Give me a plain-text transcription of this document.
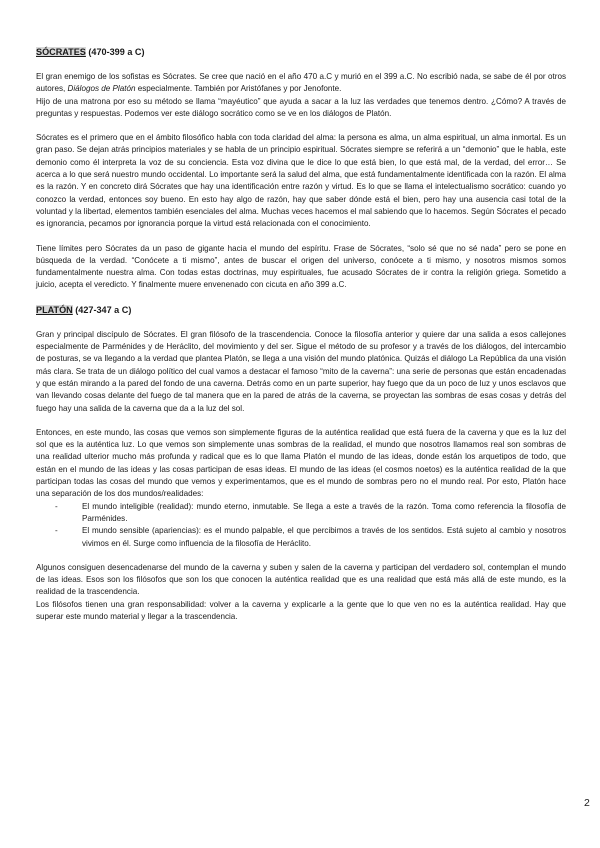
SÓCRATES (470-399 a C)

El gran enemigo de los sofistas es Sócrates. Se cree que nació en el año 470 a.C y murió en el 399 a.C. No escribió nada, se sabe de él por otros autores, Diálogos de Platón especialmente. También por Aristófanes y por Jenofonte.

Hijo de una matrona por eso su método se llama “mayéutico” que ayuda a sacar a la luz las verdades que tenemos dentro. ¿Cómo? A través de preguntas y respuestas. Podemos ver este diálogo socrático como se ve en los diálogos de Platón.

Sócrates es el primero que en el ámbito filosófico habla con toda claridad del alma: la persona es alma, un alma espiritual, un alma inmortal. Es un gran paso. Se dejan atrás principios materiales y se habla de un principio espiritual. Sócrates siempre se referirá a un “demonio” que le habla, este demonio como él interpreta la voz de su conciencia. Esta voz divina que le dice lo que está bien, lo que está mal, de la verdad, del error… Se acerca a lo que será nuestro mundo occidental. Lo importante será la salud del alma, que está fundamentalmente identificada con la razón. El alma es la razón. Y en concreto dirá Sócrates que hay una identificación entre razón y virtud. Es lo que se llama el intelectualismo socrático: cuando yo conozco la verdad, entonces soy bueno. En esto hay algo de razón, hay que saber dónde está el bien, pero hay una ausencia casi total de la voluntad y la libertad, elementos también esenciales del alma. Muchas veces hacemos el mal sabiendo que lo hacemos. Según Sócrates el pecado es ignorancia, pecamos por ignorancia porque la virtud está relacionada con el conocimiento.

Tiene límites pero Sócrates da un paso de gigante hacia el mundo del espíritu. Frase de Sócrates, “solo sé que no sé nada” pero se pone en búsqueda de la verdad. “Conócete a ti mismo”, antes de buscar el origen del universo, conócete a ti mismo, y nosotros mismos somos fundamentalmente nuestra alma. Con todas estas doctrinas, muy espirituales, fue acusado Sócrates de ir contra la religión griega. Sometido a juicio, acepta el veredicto. Y finalmente muere envenenado con cicuta en año 399 a.C.

PLATÓN (427-347 a C)

Gran y principal discípulo de Sócrates. El gran filósofo de la trascendencia. Conoce la filosofía anterior y quiere dar una salida a esos callejones especialmente de Parménides y de Heráclito, del movimiento y del ser. Sigue el método de su profesor y a través de los diálogos, del intercambio de posturas, se va llegando a la verdad que plantea Platón, se llega a una visión del mundo platónica. Quizás el diálogo La República da una visión más clara. Se trata de un diálogo político del cual vamos a destacar el famoso “mito de la caverna”: una serie de personas que están encadenadas y que están mirando a la pared del fondo de una caverna. Detrás como en un parte superior, hay fuego que da un poco de luz y unos esclavos que van llevando cosas delante del fuego de tal manera que en la pared de atrás de la caverna, se proyectan las sombras de esas cosas y detrás del fuego hay una salida de la caverna que da a la luz del sol.

Entonces, en este mundo, las cosas que vemos son simplemente figuras de la auténtica realidad que está fuera de la caverna y que es la luz del sol que es la auténtica luz. Lo que vemos son simplemente unas sombras de la realidad, el mundo que nosotros llamamos real son sombras de una realidad ulterior mucho más profunda y radical que es lo que llama Platón el mundo de las ideas, donde están los arquetipos de todo, que están en el mundo de las ideas y las cosas participan de esas ideas. El mundo de las ideas (el cosmos noetos) es la auténtica realidad de la que participan todas las cosas del mundo que vemos y experimentamos, que es el mundo de sombras pero no el mundo real. Por esto, Platón hace una separación de los dos mundos/realidades:

- El mundo inteligible (realidad): mundo eterno, inmutable. Se llega a este a través de la razón. Toma como referencia la filosofía de Parménides.
- El mundo sensible (apariencias): es el mundo palpable, el que percibimos a través de los sentidos. Está sujeto al cambio y nosotros vivimos en él. Surge como influencia de la filosofía de Heráclito.

Algunos consiguen desencadenarse del mundo de la caverna y suben y salen de la caverna y participan del verdadero sol, contemplan el mundo de las ideas. Esos son los filósofos que son los que conocen la auténtica realidad que es una realidad que está más allá de este mundo, es la realidad de la trascendencia.

Los filósofos tienen una gran responsabilidad: volver a la caverna y explicarle a la gente que lo que ven no es la auténtica realidad. Hay que superar este mundo material y llegar a la trascendencia.

2
